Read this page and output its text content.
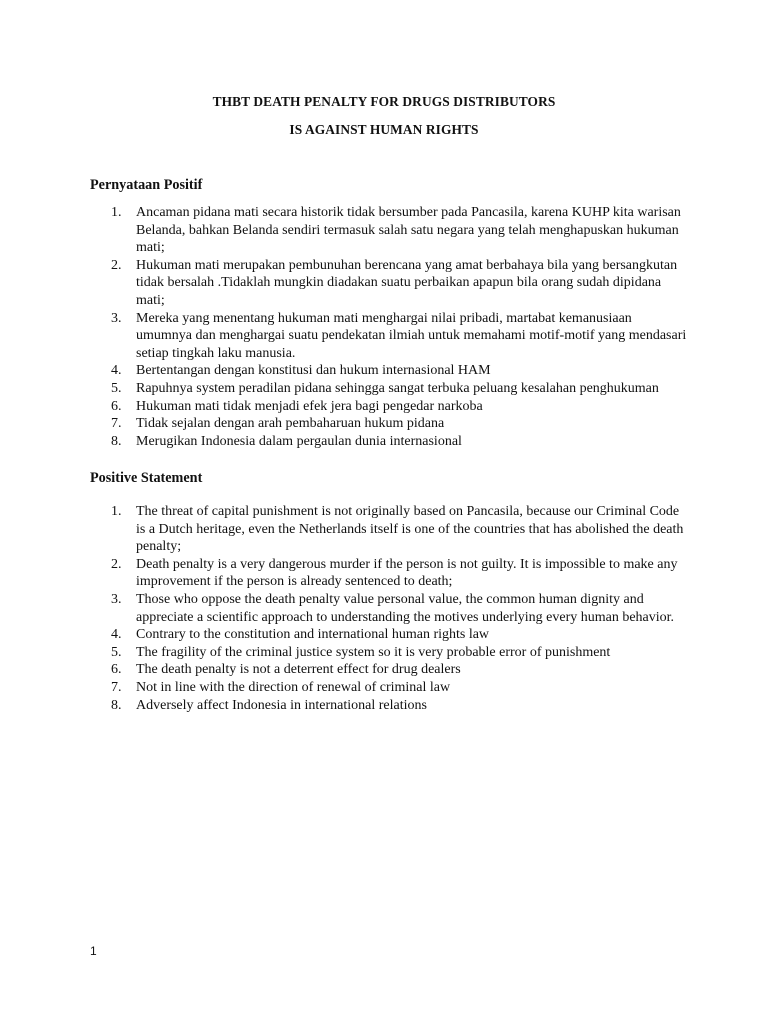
THBT DEATH PENALTY FOR DRUGS DISTRIBUTORS
IS AGAINST HUMAN RIGHTS
Pernyataan Positif
1. Ancaman pidana mati secara historik tidak bersumber pada Pancasila, karena KUHP kita warisan Belanda, bahkan Belanda sendiri termasuk salah satu negara yang telah menghapuskan hukuman mati;
2. Hukuman mati merupakan pembunuhan berencana yang amat berbahaya bila yang bersangkutan tidak bersalah .Tidaklah mungkin diadakan suatu perbaikan apapun bila orang sudah dipidana mati;
3. Mereka yang menentang hukuman mati menghargai nilai pribadi, martabat kemanusiaan umumnya dan menghargai suatu pendekatan ilmiah untuk memahami motif-motif yang mendasari setiap tingkah laku manusia.
4. Bertentangan dengan konstitusi dan hukum internasional HAM
5. Rapuhnya system peradilan pidana sehingga sangat terbuka peluang kesalahan penghukuman
6. Hukuman mati tidak menjadi efek jera bagi pengedar narkoba
7. Tidak sejalan dengan arah pembaharuan hukum pidana
8. Merugikan Indonesia dalam pergaulan dunia internasional
Positive Statement
1. The threat of capital punishment is not originally based on Pancasila, because our Criminal Code is a Dutch heritage, even the Netherlands itself is one of the countries that has abolished the death penalty;
2. Death penalty is a very dangerous murder if the person is not guilty. It is impossible to make any improvement if the person is already sentenced to death;
3. Those who oppose the death penalty value personal value, the common human dignity and appreciate a scientific approach to understanding the motives underlying every human behavior.
4. Contrary to the constitution and international human rights law
5. The fragility of the criminal justice system so it is very probable error of punishment
6. The death penalty is not a deterrent effect for drug dealers
7. Not in line with the direction of renewal of criminal law
8. Adversely affect Indonesia in international relations
1
